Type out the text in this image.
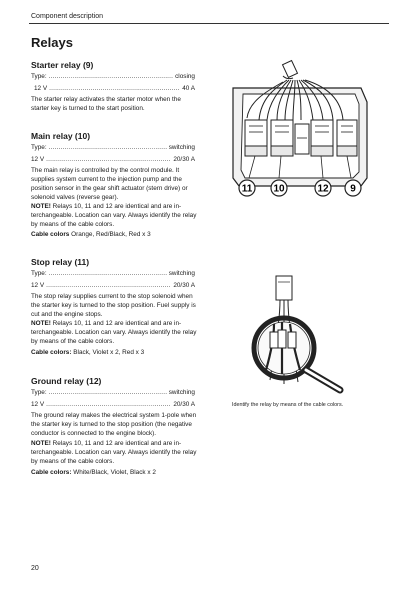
Component description
Relays
Starter relay (9)
Type: .....	closing
12 V .....	40 A

The starter relay activates the starter motor when the starter key is turned to the start position.

Main relay (10)
Type: .....	switching
12 V .....	20/30 A

The main relay is controlled by the control module. It supplies system current to the injection pump and the position sensor in the gear shift actuator (stern drive) or solenoid valves (reverse gear).

NOTE! Relays 10, 11 and 12 are identical and are in-terchangeable. Location can vary. Always identify the relay by means of the cable colors.

Cable colors Orange, Red/Black, Red x 3

Stop relay (11)
Type: .....	switching
12 V .....	20/30 A

The stop relay supplies current to the stop solenoid when the starter key is turned to the stop position. Fuel supply is cut and the engine stops.

NOTE! Relays 10, 11 and 12 are identical and are in-terchangeable. Location can vary. Always identify the relay by means of the cable colors.

Cable colors: Black, Violet x 2, Red x 3

Ground relay (12)
Type: .....	switching
12 V .....	20/30 A

The ground relay makes the electrical system 1-pole when the starter key is turned to the stop position (the negative conductor is connected to the engine block).

NOTE! Relays 10, 11 and 12 are identical and are in-terchangeable. Location can vary. Always identify the relay by means of the cable colors.

Cable colors: White/Black, Violet, Black x 2

11 10	12 9
Identify the relay by means of the cable colors.
20
